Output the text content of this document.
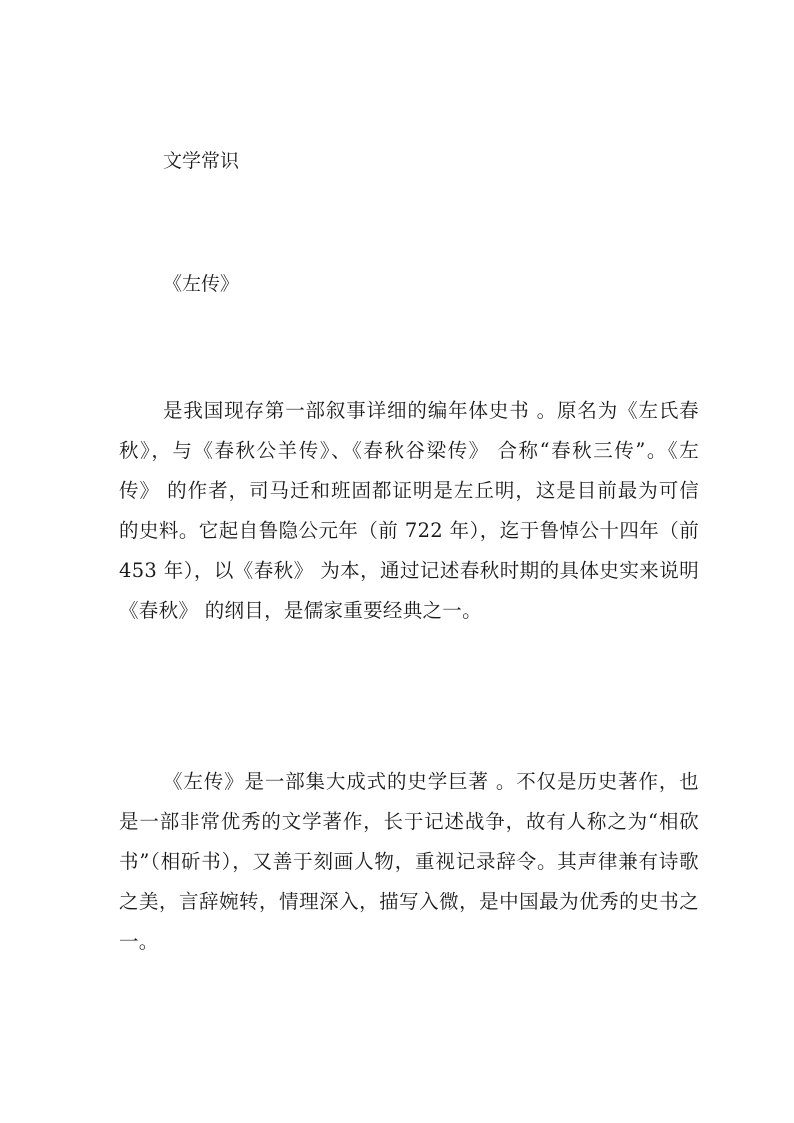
文学常识
《左传》

是我国现存第一部叙事详细的编年体史书 。原名为《左氏春秋》，与《春秋公羊传》、《春秋谷梁传》 合称“春秋三传”。《左传》 的作者，司马迁和班固都证明是左丘明，这是目前最为可信的史料。它起自鲁隐公元年（前 722 年），迄于鲁悼公十四年（前 453 年），以《春秋》 为本，通过记述春秋时期的具体史实来说明 《春秋》 的纲目，是儒家重要经典之一。

《左传》是一部集大成式的史学巨著 。不仅是历史著作，也是一部非常优秀的文学著作，长于记述战争，故有人称之为“相砍书”（相斫书），又善于刻画人物，重视记录辞令。其声律兼有诗歌之美，言辞婉转，情理深入，描写入微，是中国最为优秀的史书之一。
